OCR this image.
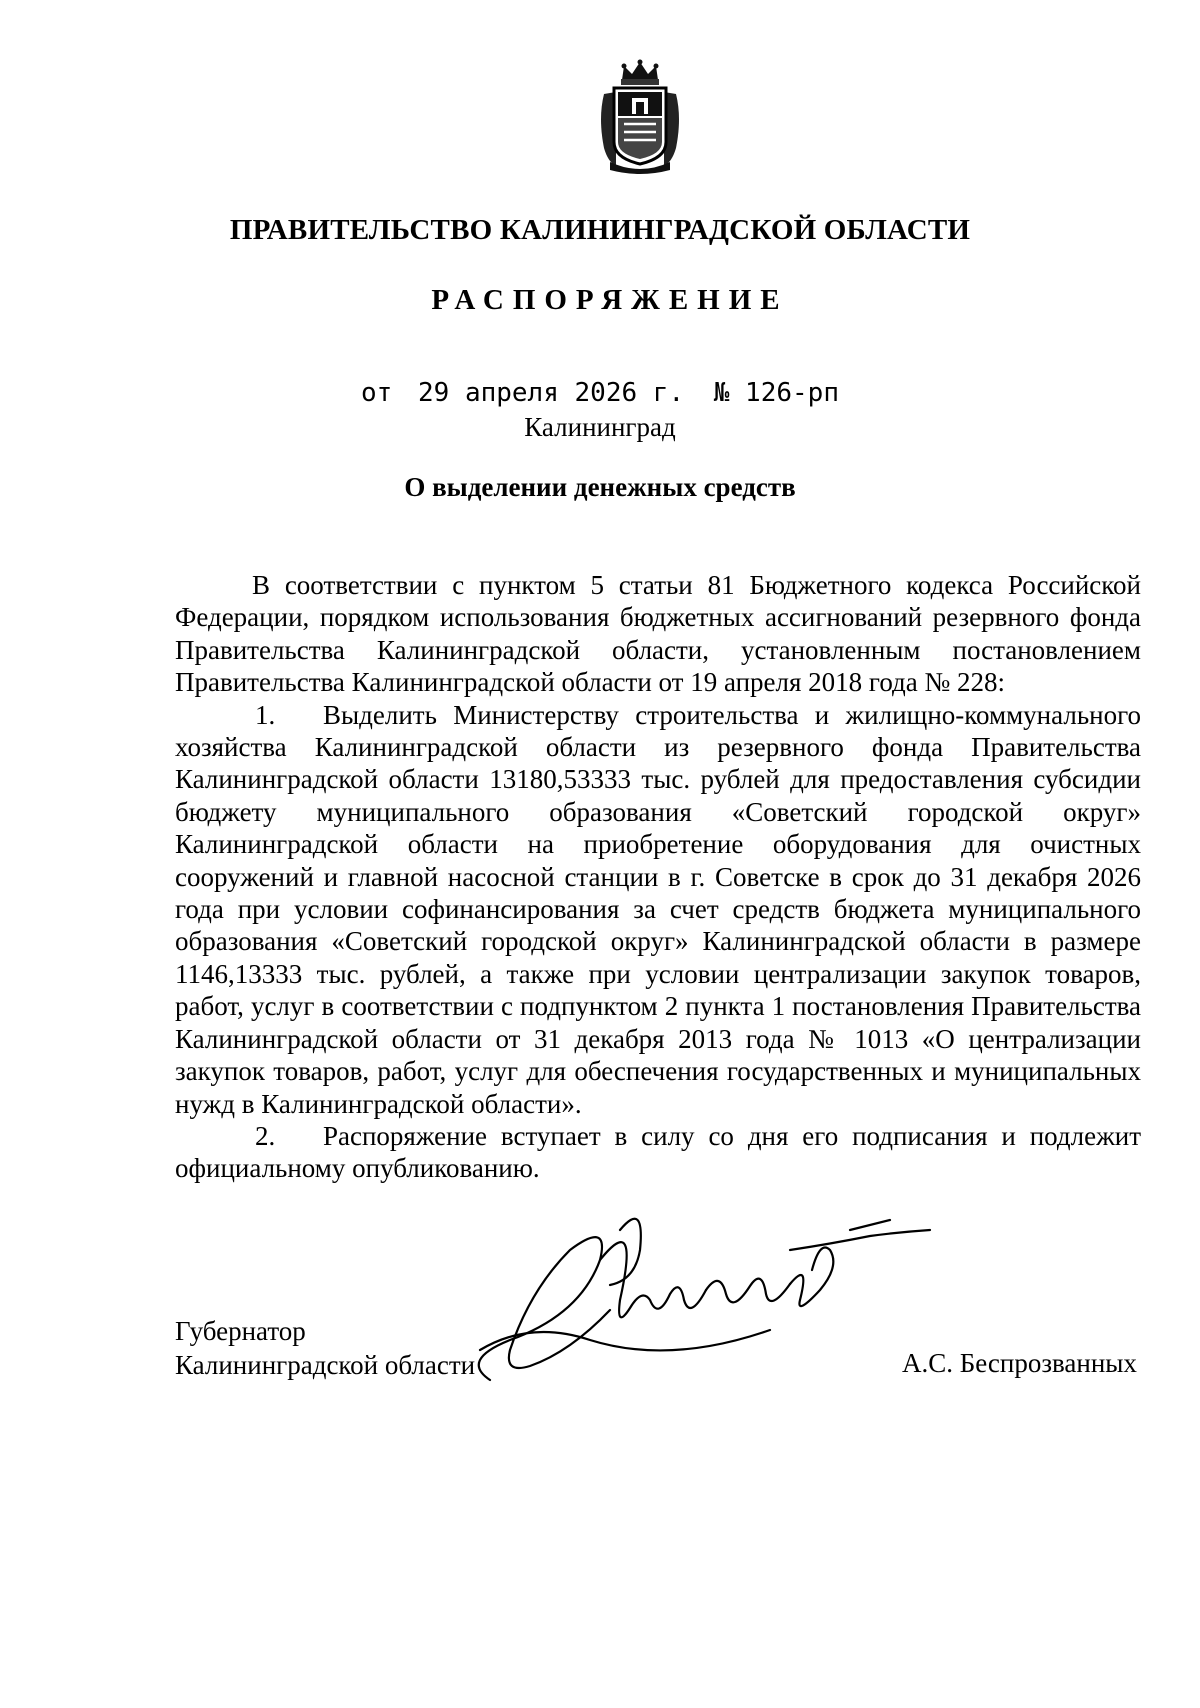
ПРАВИТЕЛЬСТВО КАЛИНИНГРАДСКОЙ ОБЛАСТИ
РАСПОРЯЖЕНИЕ
от 29 апреля 2026 г. № 126-рп
Калининград
О выделении денежных средств

В соответствии с пунктом 5 статьи 81 Бюджетного кодекса Российской Федерации, порядком использования бюджетных ассигнований резервного фонда Правительства Калининградской области, установленным постановлением Правительства Калининградской области от 19 апреля 2018 года № 228:

1. Выделить Министерству строительства и жилищно-коммунального хозяйства Калининградской области из резервного фонда Правительства Калининградской области 13180,53333 тыс. рублей для предоставления субсидии бюджету муниципального образования «Советский городской округ» Калининградской области на приобретение оборудования для очистных сооружений и главной насосной станции в г. Советске в срок до 31 декабря 2026 года при условии софинансирования за счет средств бюджета муниципального образования «Советский городской округ» Калининградской области в размере 1146,13333 тыс. рублей, а также при условии централизации закупок товаров, работ, услуг в соответствии с подпунктом 2 пункта 1 постановления Правительства Калининградской области от 31 декабря 2013 года № 1013 «О централизации закупок товаров, работ, услуг для обеспечения государственных и муниципальных нужд в Калининградской области».

2. Распоряжение вступает в силу со дня его подписания и подлежит официальному опубликованию.

Губернатор
Калининградской области	А.С. Беспрозванных
